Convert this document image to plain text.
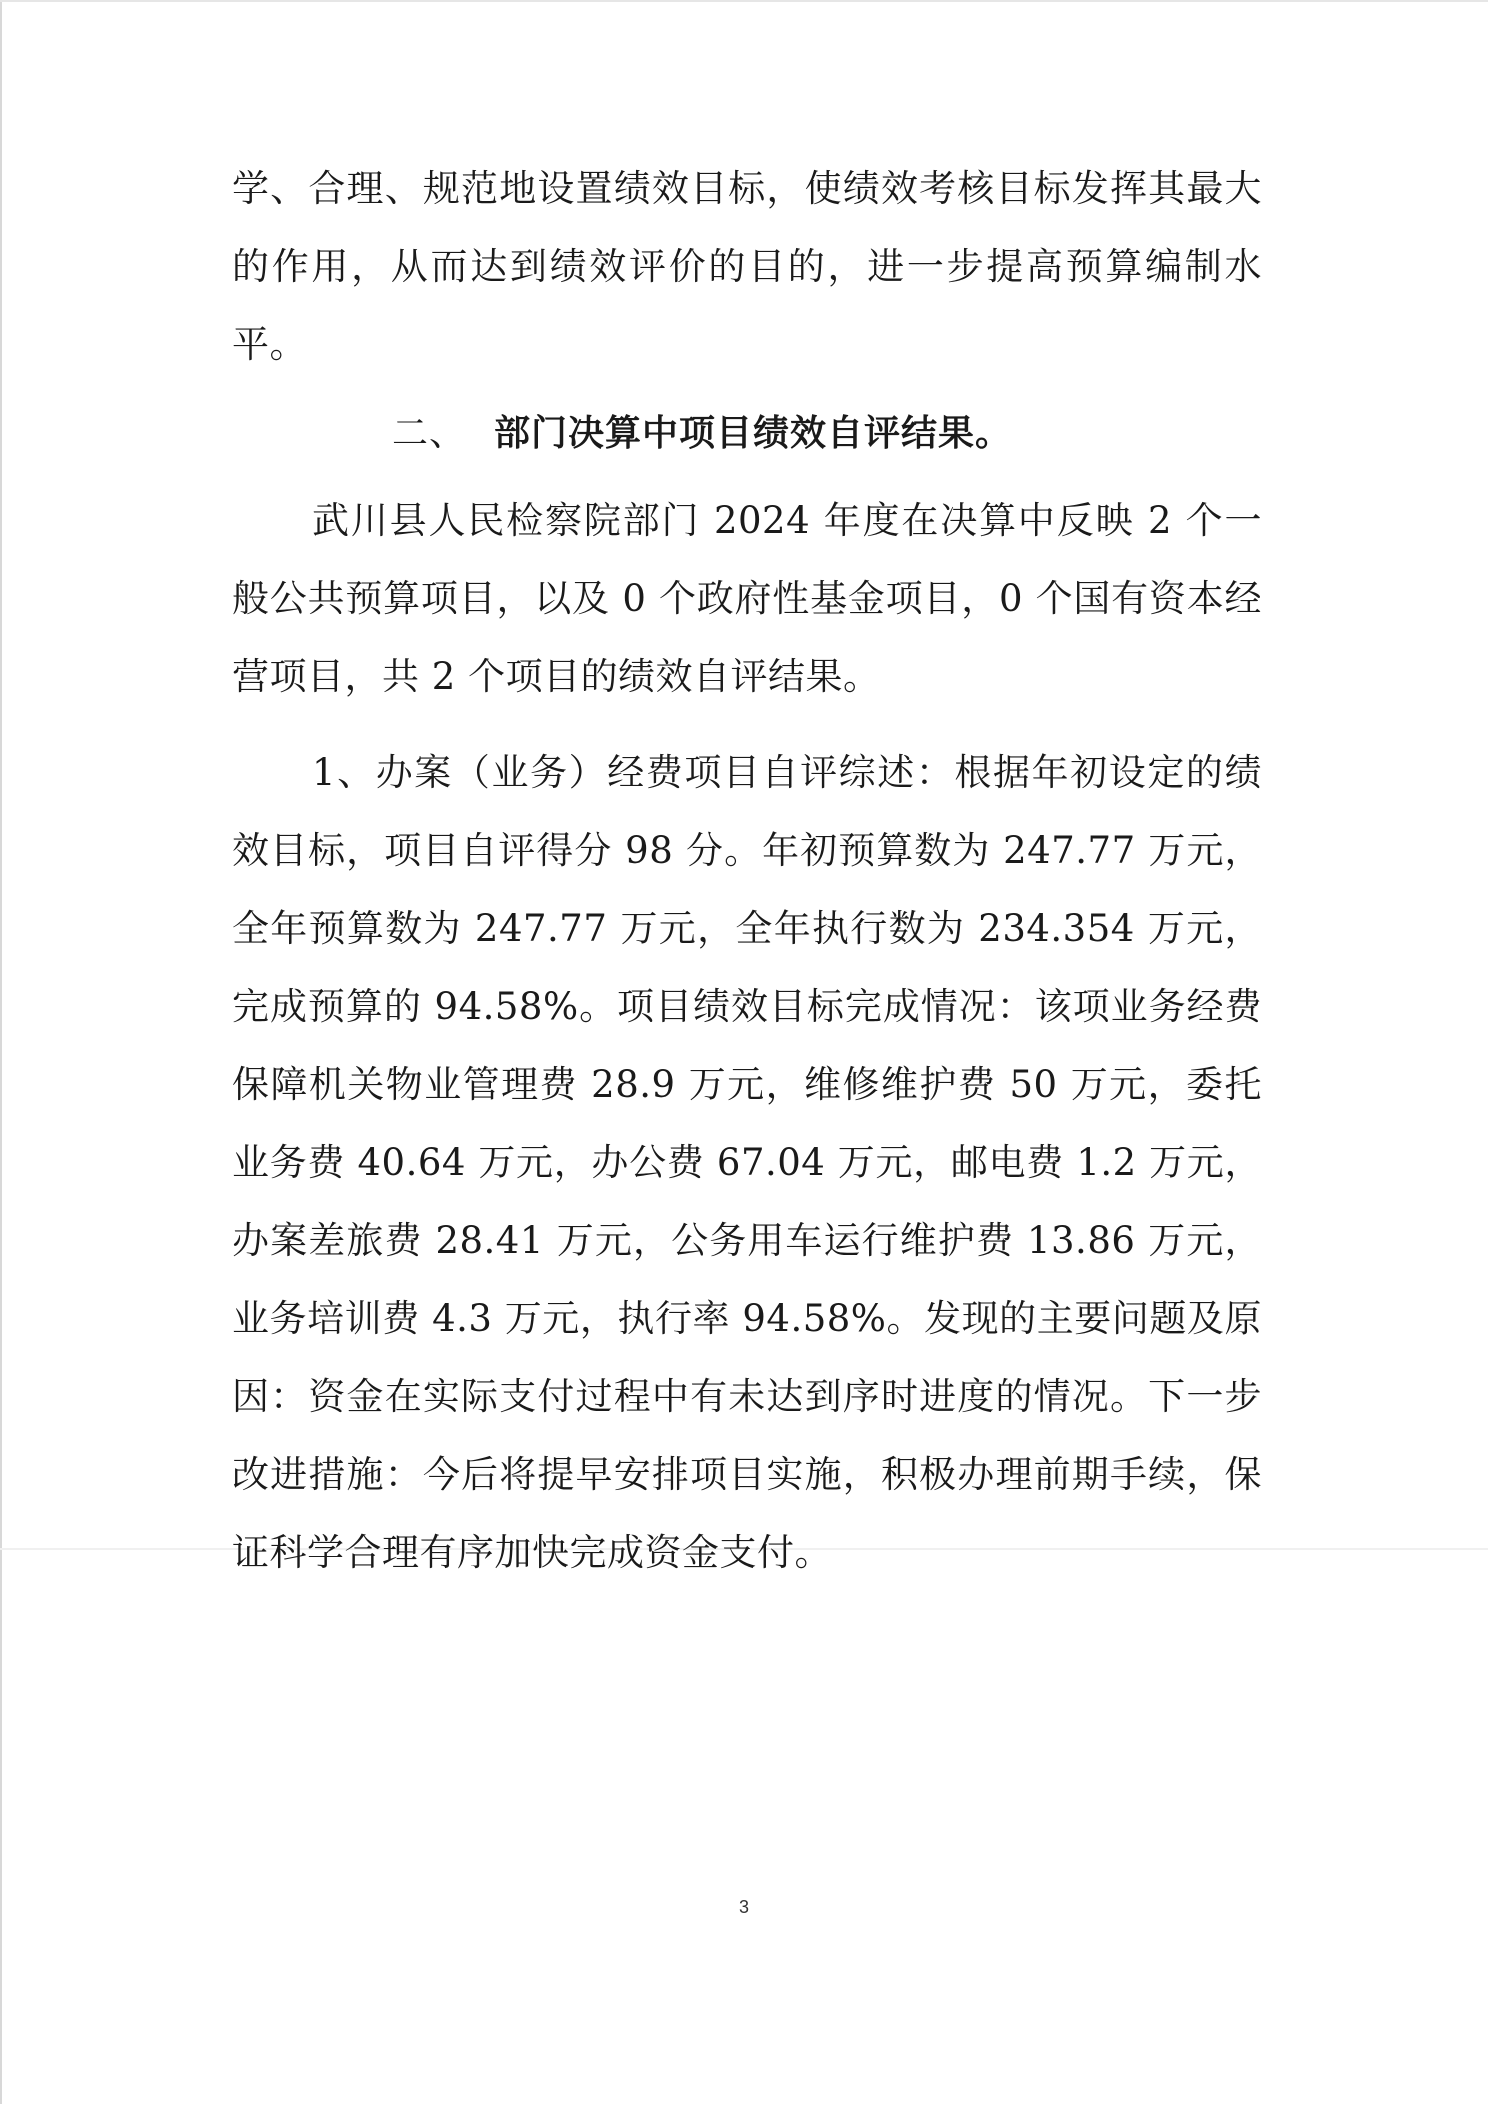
学、合理、规范地设置绩效目标，使绩效考核目标发挥其最大的作用，从而达到绩效评价的目的，进一步提高预算编制水平。

二、 部门决算中项目绩效自评结果。

武川县人民检察院部门 2024 年度在决算中反映 2 个一般公共预算项目，以及 0 个政府性基金项目，0 个国有资本经营项目，共 2 个项目的绩效自评结果。

1、办案（业务）经费项目自评综述：根据年初设定的绩效目标，项目自评得分 98 分。年初预算数为 247.77 万元，全年预算数为 247.77 万元，全年执行数为 234.354 万元，完成预算的 94.58%。项目绩效目标完成情况：该项业务经费保障机关物业管理费 28.9 万元，维修维护费 50 万元，委托业务费 40.64 万元，办公费 67.04 万元，邮电费 1.2 万元，办案差旅费 28.41 万元，公务用车运行维护费 13.86 万元，业务培训费 4.3 万元，执行率 94.58%。发现的主要问题及原因：资金在实际支付过程中有未达到序时进度的情况。下一步改进措施：今后将提早安排项目实施，积极办理前期手续，保证科学合理有序加快完成资金支付。

3
